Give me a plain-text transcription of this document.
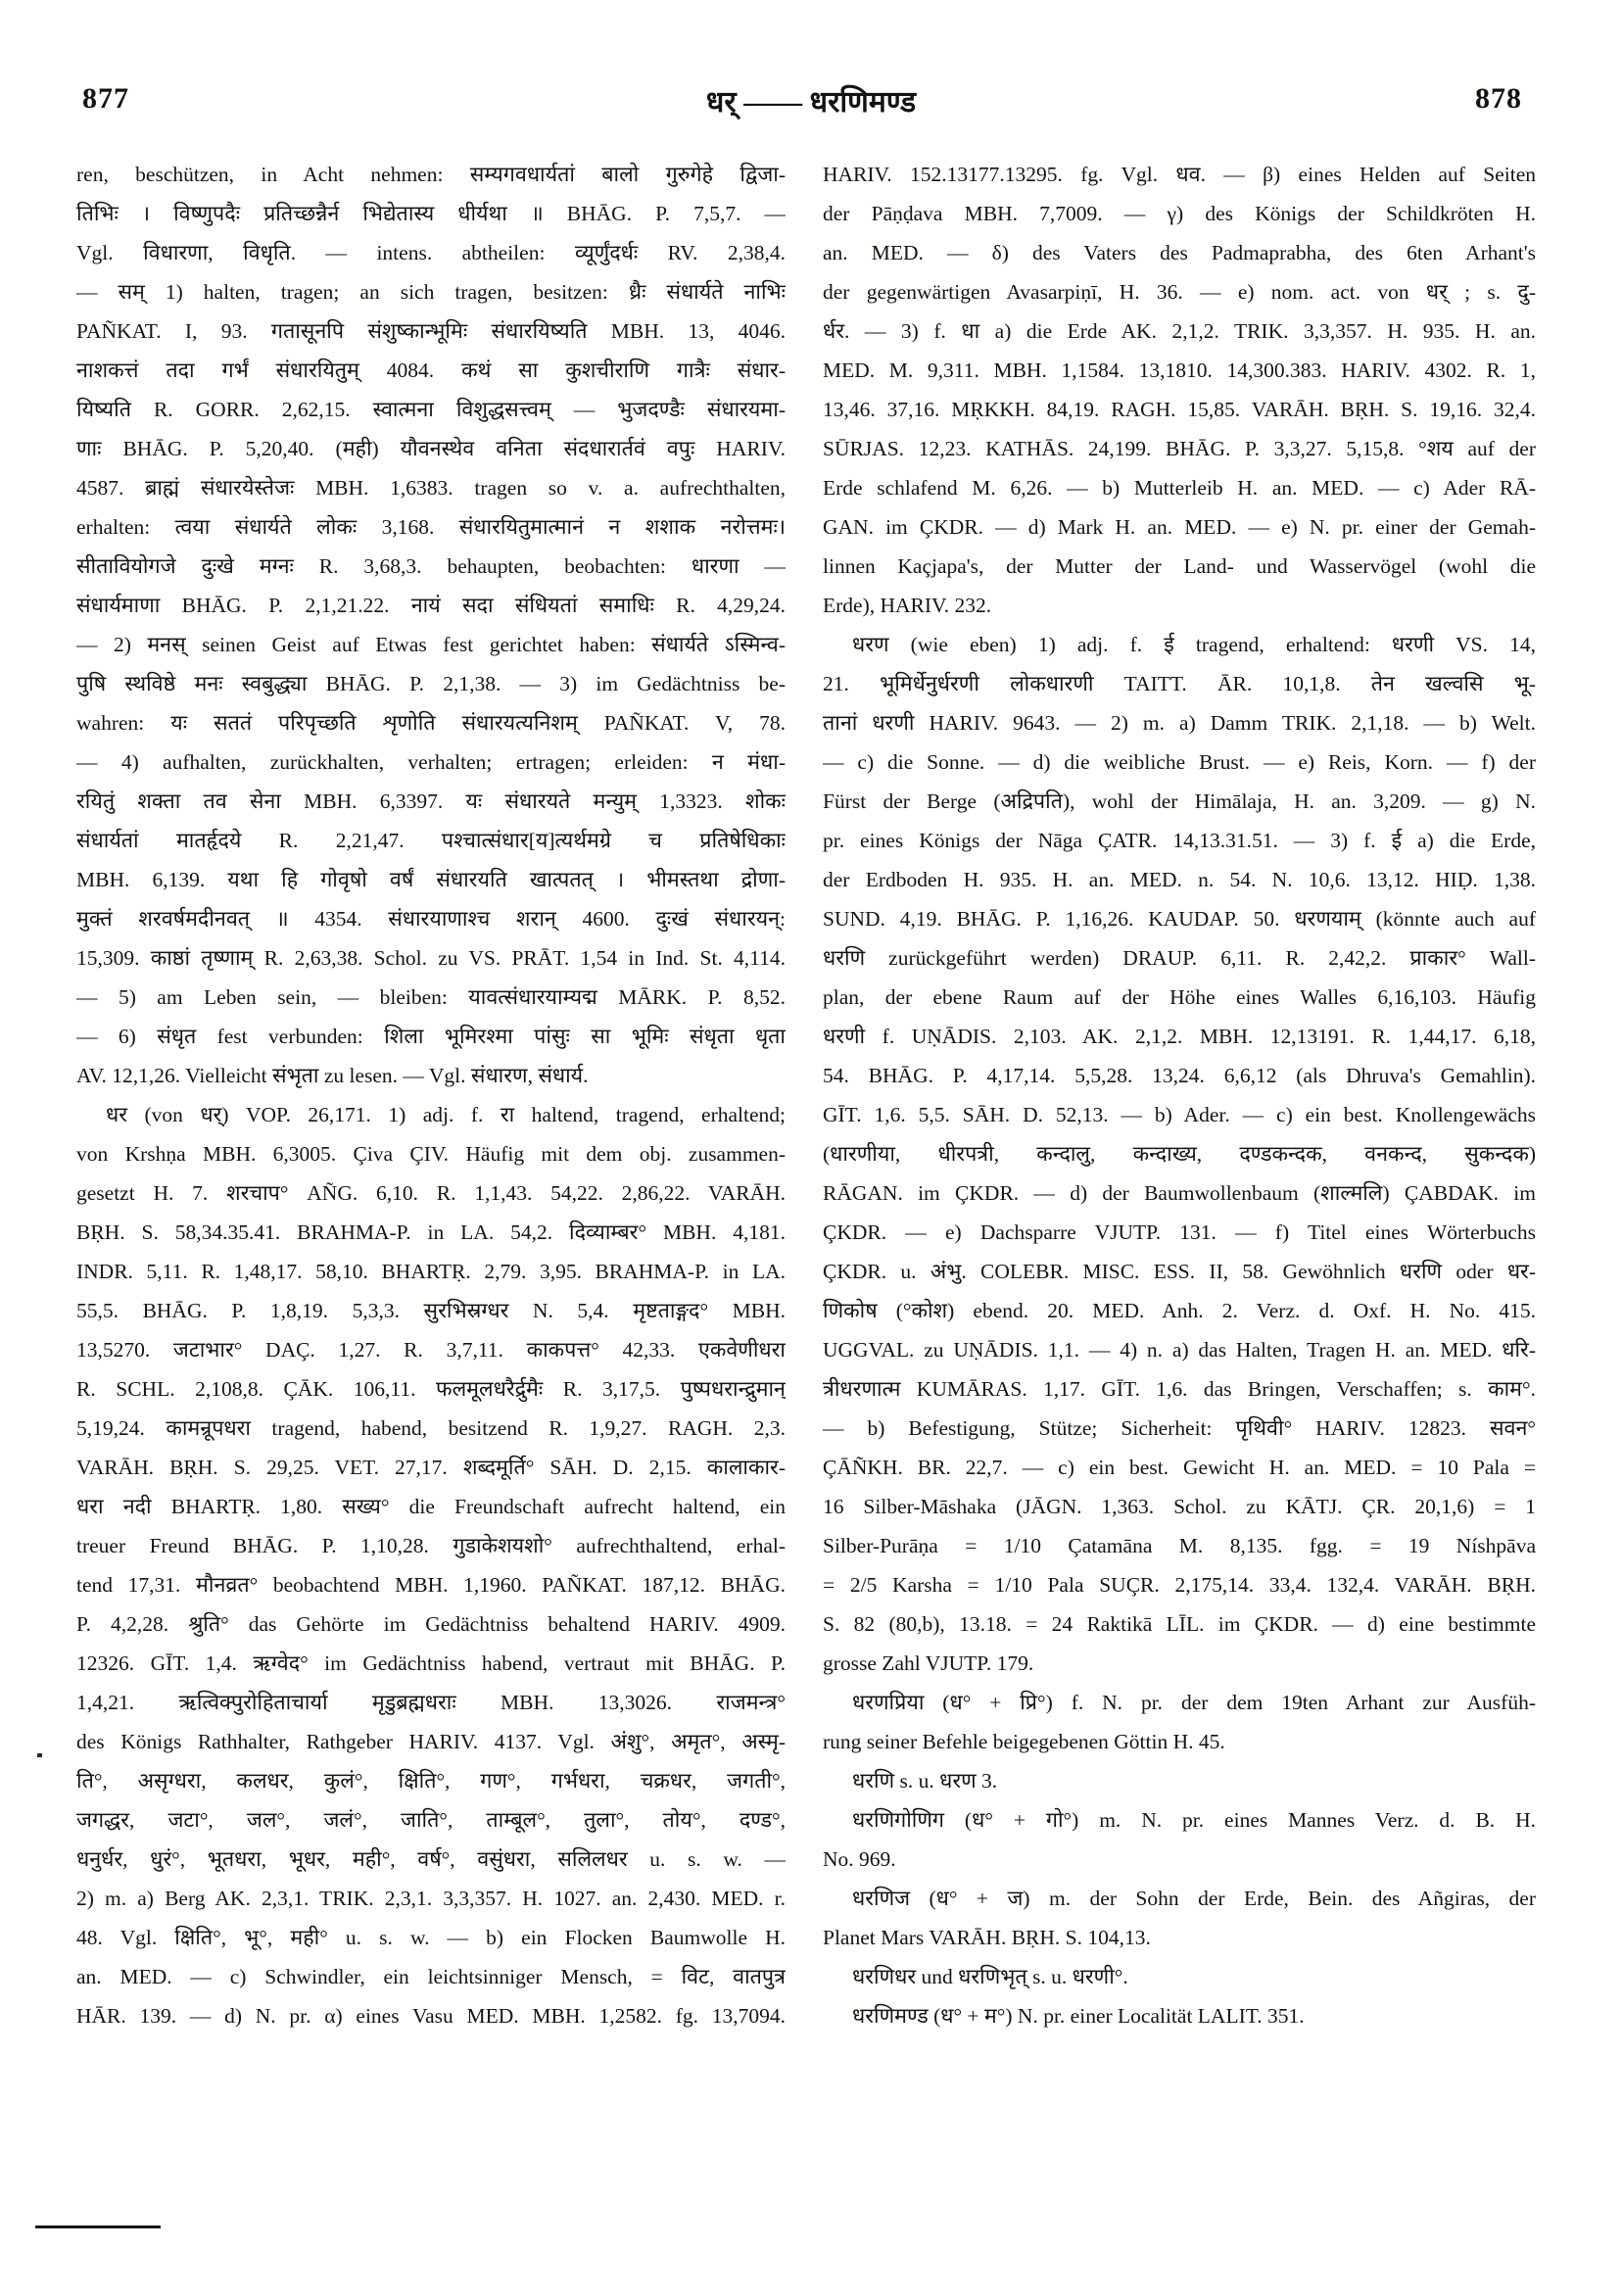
877	धर् —— धरणिमण्ड	878
ren, beschützen, in Acht nehmen: सम्यगवधार्यतां बालो गुरुगेहे द्विजा-
तिभिः । विष्णुपदैः प्रतिच्छन्नैर्न भिद्येतास्य धीर्यथा ॥ BHĀG. P. 7,5,7. —
Vgl. विधारणा, विधृति. — intens. abtheilen: व्यूर्णुंदर्धः RV. 2,38,4.
— सम् 1) halten, tragen; an sich tragen, besitzen: ध्रैः संधार्यते नाभिः
PAÑKAT. I, 93. गतासूनपि संशुष्कान्भूमिः संधारयिष्यति MBH. 13, 4046.
नाशकत्तं तदा गर्भं संधारयितुम् 4084. कथं सा कुशचीराणि गात्रैः संधार-
यिष्यति R. GORR. 2,62,15. स्वात्मना विशुद्धसत्त्वम् — भुजदण्डैः संधारयमा-
णाः BHĀG. P. 5,20,40. (मही) यौवनस्थेव वनिता संदधारार्तवं वपुः HARIV.
4587. ब्राह्मं संधारयेस्तेजः MBH. 1,6383. tragen so v. a. aufrechthalten,
erhalten: त्वया संधार्यते लोकः 3,168. संधारयितुमात्मानं न शशाक नरोत्तमः।
सीतावियोगजे दुःखे मग्नः R. 3,68,3. behaupten, beobachten: धारणा —
संधार्यमाणा BHĀG. P. 2,1,21.22. नायं सदा संधियतां समाधिः R. 4,29,24.
— 2) मनस् seinen Geist auf Etwas fest gerichtet haben: संधार्यते ऽस्मिन्व-
पुषि स्थविष्ठे मनः स्वबुद्ध्या BHĀG. P. 2,1,38. — 3) im Gedächtniss be-
wahren: यः सततं परिपृच्छति शृणोति संधारयत्यनिशम् PAÑKAT. V, 78.
— 4) aufhalten, zurückhalten, verhalten; ertragen; erleiden: न मंधा-
रयितुं शक्ता तव सेना MBH. 6,3397. यः संधारयते मन्युम् 1,3323. शोकः
संधार्यतां मातर्हृदये R. 2,21,47. पश्चात्संधार[य]त्यर्थमग्रे च प्रतिषेधिकाः
MBH. 6,139. यथा हि गोवृषो वर्षं संधारयति खात्पतत् । भीमस्तथा द्रोणा-
मुक्तं शरवर्षमदीनवत् ॥ 4354. संधारयाणाश्च शरान् 4600. दुःखं संधारयन्:
15,309. काष्ठां तृष्णाम् R. 2,63,38. Schol. zu VS. PRĀT. 1,54 in Ind. St. 4,114.
— 5) am Leben sein, — bleiben: यावत्संधारयाम्यद्म MĀRK. P. 8,52.
— 6) संधृत fest verbunden: शिला भूमिरश्मा पांसुः सा भूमिः संधृता धृता
AV. 12,1,26. Vielleicht संभृता zu lesen. — Vgl. संधारण, संधार्य.
धर (von धर्) VOP. 26,171. 1) adj. f. रा haltend, tragend, erhaltend;
von Krshṇa MBH. 6,3005. Çiva ÇIV. Häufig mit dem obj. zusammen-
gesetzt H. 7. शरचाप° AÑG. 6,10. R. 1,1,43. 54,22. 2,86,22. VARĀH.
BṚH. S. 58,34.35.41. BRAHMA-P. in LA. 54,2. दिव्याम्बर° MBH. 4,181.
INDR. 5,11. R. 1,48,17. 58,10. BHARTṚ. 2,79. 3,95. BRAHMA-P. in LA.
55,5. BHĀG. P. 1,8,19. 5,3,3. सुरभिस्रग्धर N. 5,4. मृष्टताङ्गद° MBH.
13,5270. जटाभार° DAÇ. 1,27. R. 3,7,11. काकपत्त° 42,33. एकवेणीधरा
R. SCHL. 2,108,8. ÇĀK. 106,11. फलमूलधरैर्द्रुमैः R. 3,17,5. पुष्पधरान्द्रुमान्
5,19,24. कामन्रूपधरा tragend, habend, besitzend R. 1,9,27. RAGH. 2,3.
VARĀH. BṚH. S. 29,25. VET. 27,17. शब्दमूर्ति° SĀH. D. 2,15. कालाकार-
धरा नदी BHARTṚ. 1,80. सख्य° die Freundschaft aufrecht haltend, ein
treuer Freund BHĀG. P. 1,10,28. गुडाकेशयशो° aufrechthaltend, erhal-
tend 17,31. मौनव्रत° beobachtend MBH. 1,1960. PAÑKAT. 187,12. BHĀG.
P. 4,2,28. श्रुति° das Gehörte im Gedächtniss behaltend HARIV. 4909.
12326. GĪT. 1,4. ऋग्वेद° im Gedächtniss habend, vertraut mit BHĀG. P.
1,4,21. ऋत्विक्पुरोहिताचार्या मृडुब्रह्मधराः MBH. 13,3026. राजमन्त्र°
des Königs Rathhalter, Rathgeber HARIV. 4137. Vgl. अंशु°, अमृत°, अस्मृ-
ति°, असृग्धरा, कलधर, कुलं°, क्षिति°, गण°, गर्भधरा, चक्रधर, जगती°,
जगद्धर, जटा°, जल°, जलं°, जाति°, ताम्बूल°, तुला°, तोय°, दण्ड°,
धनुर्धर, धुरं°, भूतधरा, भूधर, मही°, वर्ष°, वसुंधरा, सलिलधर u. s. w. —
2) m. a) Berg AK. 2,3,1. TRIK. 2,3,1. 3,3,357. H. 1027. an. 2,430. MED. r.
48. Vgl. क्षिति°, भू°, मही° u. s. w. — b) ein Flocken Baumwolle H.
an. MED. — c) Schwindler, ein leichtsinniger Mensch, = विट, वातपुत्र
HĀR. 139. — d) N. pr. α) eines Vasu MED. MBH. 1,2582. fg. 13,7094.
HARIV. 152.13177.13295. fg. Vgl. धव. — β) eines Helden auf Seiten
der Pāṇḍava MBH. 7,7009. — γ) des Königs der Schildkröten H.
an. MED. — δ) des Vaters des Padmaprabha, des 6ten Arhant's
der gegenwärtigen Avasarpiṇī, H. 36. — e) nom. act. von धर् ; s. दु-
र्धर. — 3) f. धा a) die Erde AK. 2,1,2. TRIK. 3,3,357. H. 935. H. an.
MED. M. 9,311. MBH. 1,1584. 13,1810. 14,300.383. HARIV. 4302. R. 1,
13,46. 37,16. MṚKKH. 84,19. RAGH. 15,85. VARĀH. BṚH. S. 19,16. 32,4.
SŪRJAS. 12,23. KATHĀS. 24,199. BHĀG. P. 3,3,27. 5,15,8. °शय auf der
Erde schlafend M. 6,26. — b) Mutterleib H. an. MED. — c) Ader RĀ-
GAN. im ÇKDR. — d) Mark H. an. MED. — e) N. pr. einer der Gemah-
linnen Kaçjapa's, der Mutter der Land- und Wasservögel (wohl die
Erde), HARIV. 232.
धरण (wie eben) 1) adj. f. ई tragend, erhaltend: धरणी VS. 14,
21. भूमिर्धेनुर्धरणी लोकधारणी TAITT. ĀR. 10,1,8. तेन खल्वसि भू-
तानां धरणी HARIV. 9643. — 2) m. a) Damm TRIK. 2,1,18. — b) Welt.
— c) die Sonne. — d) die weibliche Brust. — e) Reis, Korn. — f) der
Fürst der Berge (अद्रिपति), wohl der Himālaja, H. an. 3,209. — g) N.
pr. eines Königs der Nāga ÇATR. 14,13.31.51. — 3) f. ई a) die Erde,
der Erdboden H. 935. H. an. MED. n. 54. N. 10,6. 13,12. HIḌ. 1,38.
SUND. 4,19. BHĀG. P. 1,16,26. KAUDAP. 50. धरणयाम् (könnte auch auf
धरणि zurückgeführt werden) DRAUP. 6,11. R. 2,42,2. प्राकार° Wall-
plan, der ebene Raum auf der Höhe eines Walles 6,16,103. Häufig
धरणी f. UṆĀDIS. 2,103. AK. 2,1,2. MBH. 12,13191. R. 1,44,17. 6,18,
54. BHĀG. P. 4,17,14. 5,5,28. 13,24. 6,6,12 (als Dhruva's Gemahlin).
GĪT. 1,6. 5,5. SĀH. D. 52,13. — b) Ader. — c) ein best. Knollengewächs
(धारणीया, धीरपत्री, कन्दालु, कन्दाख्य, दण्डकन्दक, वनकन्द, सुकन्दक)
RĀGAN. im ÇKDR. — d) der Baumwollenbaum (शाल्मलि) ÇABDAK. im
ÇKDR. — e) Dachsparre VJUTP. 131. — f) Titel eines Wörterbuchs
ÇKDR. u. अंभु. COLEBR. MISC. ESS. II, 58. Gewöhnlich धरणि oder धर-
णिकोष (°कोश) ebend. 20. MED. Anh. 2. Verz. d. Oxf. H. No. 415.
UGGVAL. zu UṆĀDIS. 1,1. — 4) n. a) das Halten, Tragen H. an. MED. धरि-
त्रीधरणात्म KUMĀRAS. 1,17. GĪT. 1,6. das Bringen, Verschaffen; s. काम°.
— b) Befestigung, Stütze; Sicherheit: पृथिवी° HARIV. 12823. सवन°
ÇĀÑKH. BR. 22,7. — c) ein best. Gewicht H. an. MED. = 10 Pala =
16 Silber-Māshaka (JĀGN. 1,363. Schol. zu KĀTJ. ÇR. 20,1,6) = 1
Silber-Purāṇa = 1/10 Çatamāna M. 8,135. fgg. = 19 Níshpāva
= 2/5 Karsha = 1/10 Pala SUÇR. 2,175,14. 33,4. 132,4. VARĀH. BṚH.
S. 82 (80,b), 13.18. = 24 Raktikā LĪL. im ÇKDR. — d) eine bestimmte
grosse Zahl VJUTP. 179.
धरणप्रिया (ध° + प्रि°) f. N. pr. der dem 19ten Arhant zur Ausfüh-
rung seiner Befehle beigegebenen Göttin H. 45.
धरणि s. u. धरण 3.
धरणिगोणिग (ध° + गो°) m. N. pr. eines Mannes Verz. d. B. H.
No. 969.
धरणिज (ध° + ज) m. der Sohn der Erde, Bein. des Añgiras, der
Planet Mars VARĀH. BṚH. S. 104,13.
धरणिधर und धरणिभृत् s. u. धरणी°.
धरणिमण्ड (ध° + म°) N. pr. einer Localität LALIT. 351.
